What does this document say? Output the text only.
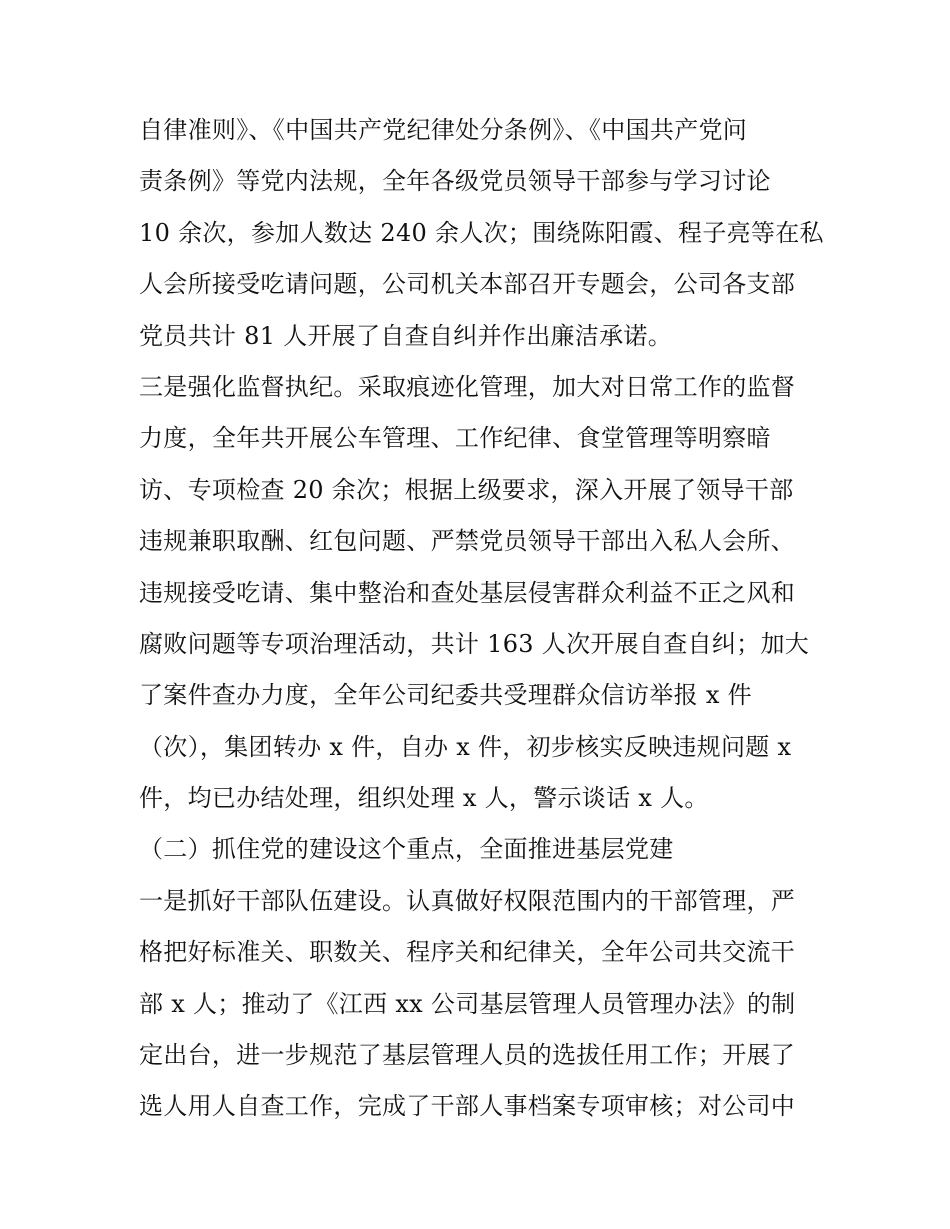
自律准则》、《中国共产党纪律处分条例》、《中国共产党问
责条例》等党内法规，全年各级党员领导干部参与学习讨论
10 余次，参加人数达 240 余人次；围绕陈阳霞、程子亮等在私
人会所接受吃请问题，公司机关本部召开专题会，公司各支部
党员共计 81 人开展了自查自纠并作出廉洁承诺。
三是强化监督执纪。采取痕迹化管理，加大对日常工作的监督
力度，全年共开展公车管理、工作纪律、食堂管理等明察暗
访、专项检查 20 余次；根据上级要求，深入开展了领导干部
违规兼职取酬、红包问题、严禁党员领导干部出入私人会所、
违规接受吃请、集中整治和查处基层侵害群众利益不正之风和
腐败问题等专项治理活动，共计 163 人次开展自查自纠；加大
了案件查办力度，全年公司纪委共受理群众信访举报 x 件
（次），集团转办 x 件，自办 x 件，初步核实反映违规问题 x
件，均已办结处理，组织处理 x 人，警示谈话 x 人。
（二）抓住党的建设这个重点，全面推进基层党建
一是抓好干部队伍建设。认真做好权限范围内的干部管理，严
格把好标准关、职数关、程序关和纪律关，全年公司共交流干
部 x 人；推动了《江西 xx 公司基层管理人员管理办法》的制
定出台，进一步规范了基层管理人员的选拔任用工作；开展了
选人用人自查工作，完成了干部人事档案专项审核；对公司中
